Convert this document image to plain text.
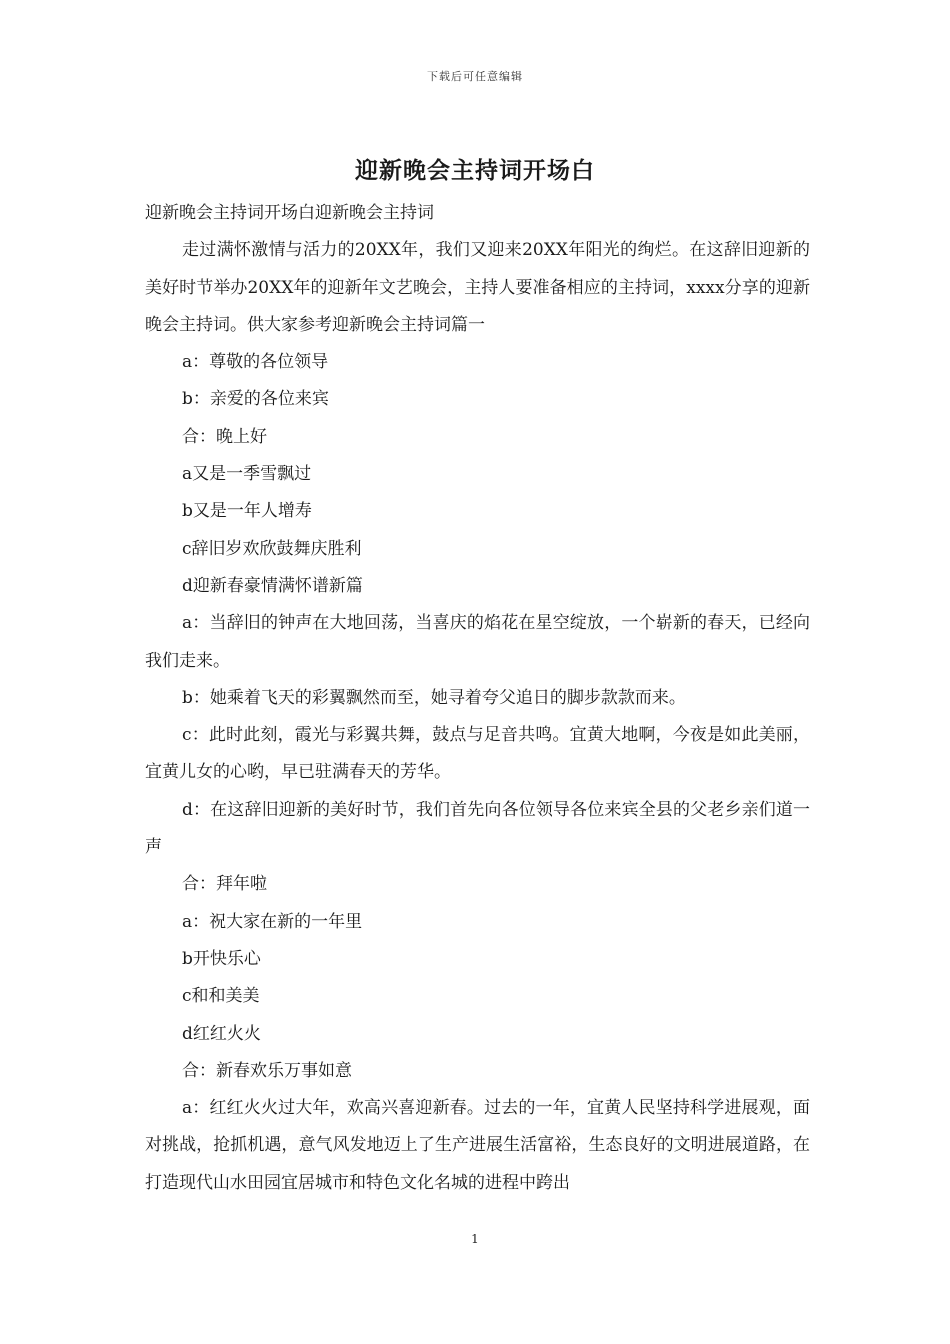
下载后可任意编辑
迎新晚会主持词开场白

迎新晚会主持词开场白迎新晚会主持词

走过满怀激情与活力的20XX年，我们又迎来20XX年阳光的绚烂。在这辞旧迎新的美好时节举办20XX年的迎新年文艺晚会，主持人要准备相应的主持词，xxxx分享的迎新晚会主持词。供大家参考迎新晚会主持词篇一

a：尊敬的各位领导

b：亲爱的各位来宾

合：晚上好

a又是一季雪飘过

b又是一年人增寿

c辞旧岁欢欣鼓舞庆胜利

d迎新春豪情满怀谱新篇

a：当辞旧的钟声在大地回荡，当喜庆的焰花在星空绽放，一个崭新的春天，已经向我们走来。

b：她乘着飞天的彩翼飘然而至，她寻着夸父追日的脚步款款而来。

c：此时此刻，霞光与彩翼共舞，鼓点与足音共鸣。宜黄大地啊，今夜是如此美丽，宜黄儿女的心哟，早已驻满春天的芳华。

d：在这辞旧迎新的美好时节，我们首先向各位领导各位来宾全县的父老乡亲们道一声

合：拜年啦

a：祝大家在新的一年里

b开快乐心

c和和美美

d红红火火

合：新春欢乐万事如意

a：红红火火过大年，欢高兴喜迎新春。过去的一年，宜黄人民坚持科学进展观，面对挑战，抢抓机遇，意气风发地迈上了生产进展生活富裕，生态良好的文明进展道路，在打造现代山水田园宜居城市和特色文化名城的进程中跨出

1
